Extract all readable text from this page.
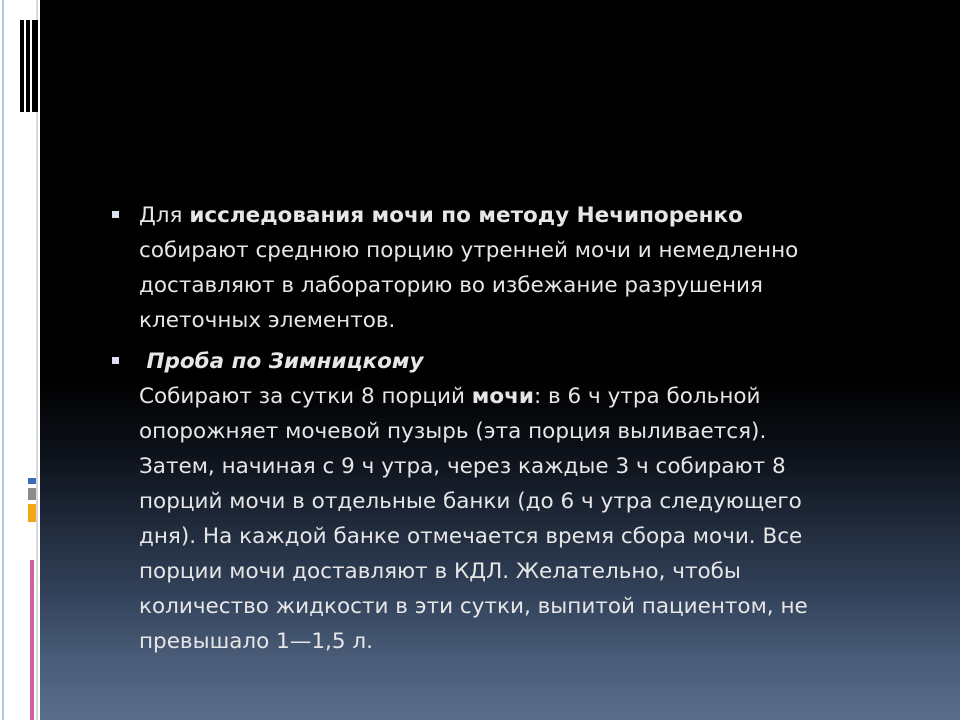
Для исследования мочи по методу Нечипоренко
собирают среднюю порцию утренней мочи и немедленно
доставляют в лабораторию во избежание разрушения
клеточных элементов.
Проба по Зимницкому
Собирают за сутки 8 порций мочи: в 6 ч утра больной
опорожняет мочевой пузырь (эта порция выливается).
Затем, начиная с 9 ч утра, через каждые 3 ч собирают 8
порций мочи в отдельные банки (до 6 ч утра следующего
дня). На каждой банке отмечается время сбора мочи. Все
порции мочи доставляют в КДЛ. Желательно, чтобы
количество жидкости в эти сутки, выпитой пациентом, не
превышало 1—1,5 л.
